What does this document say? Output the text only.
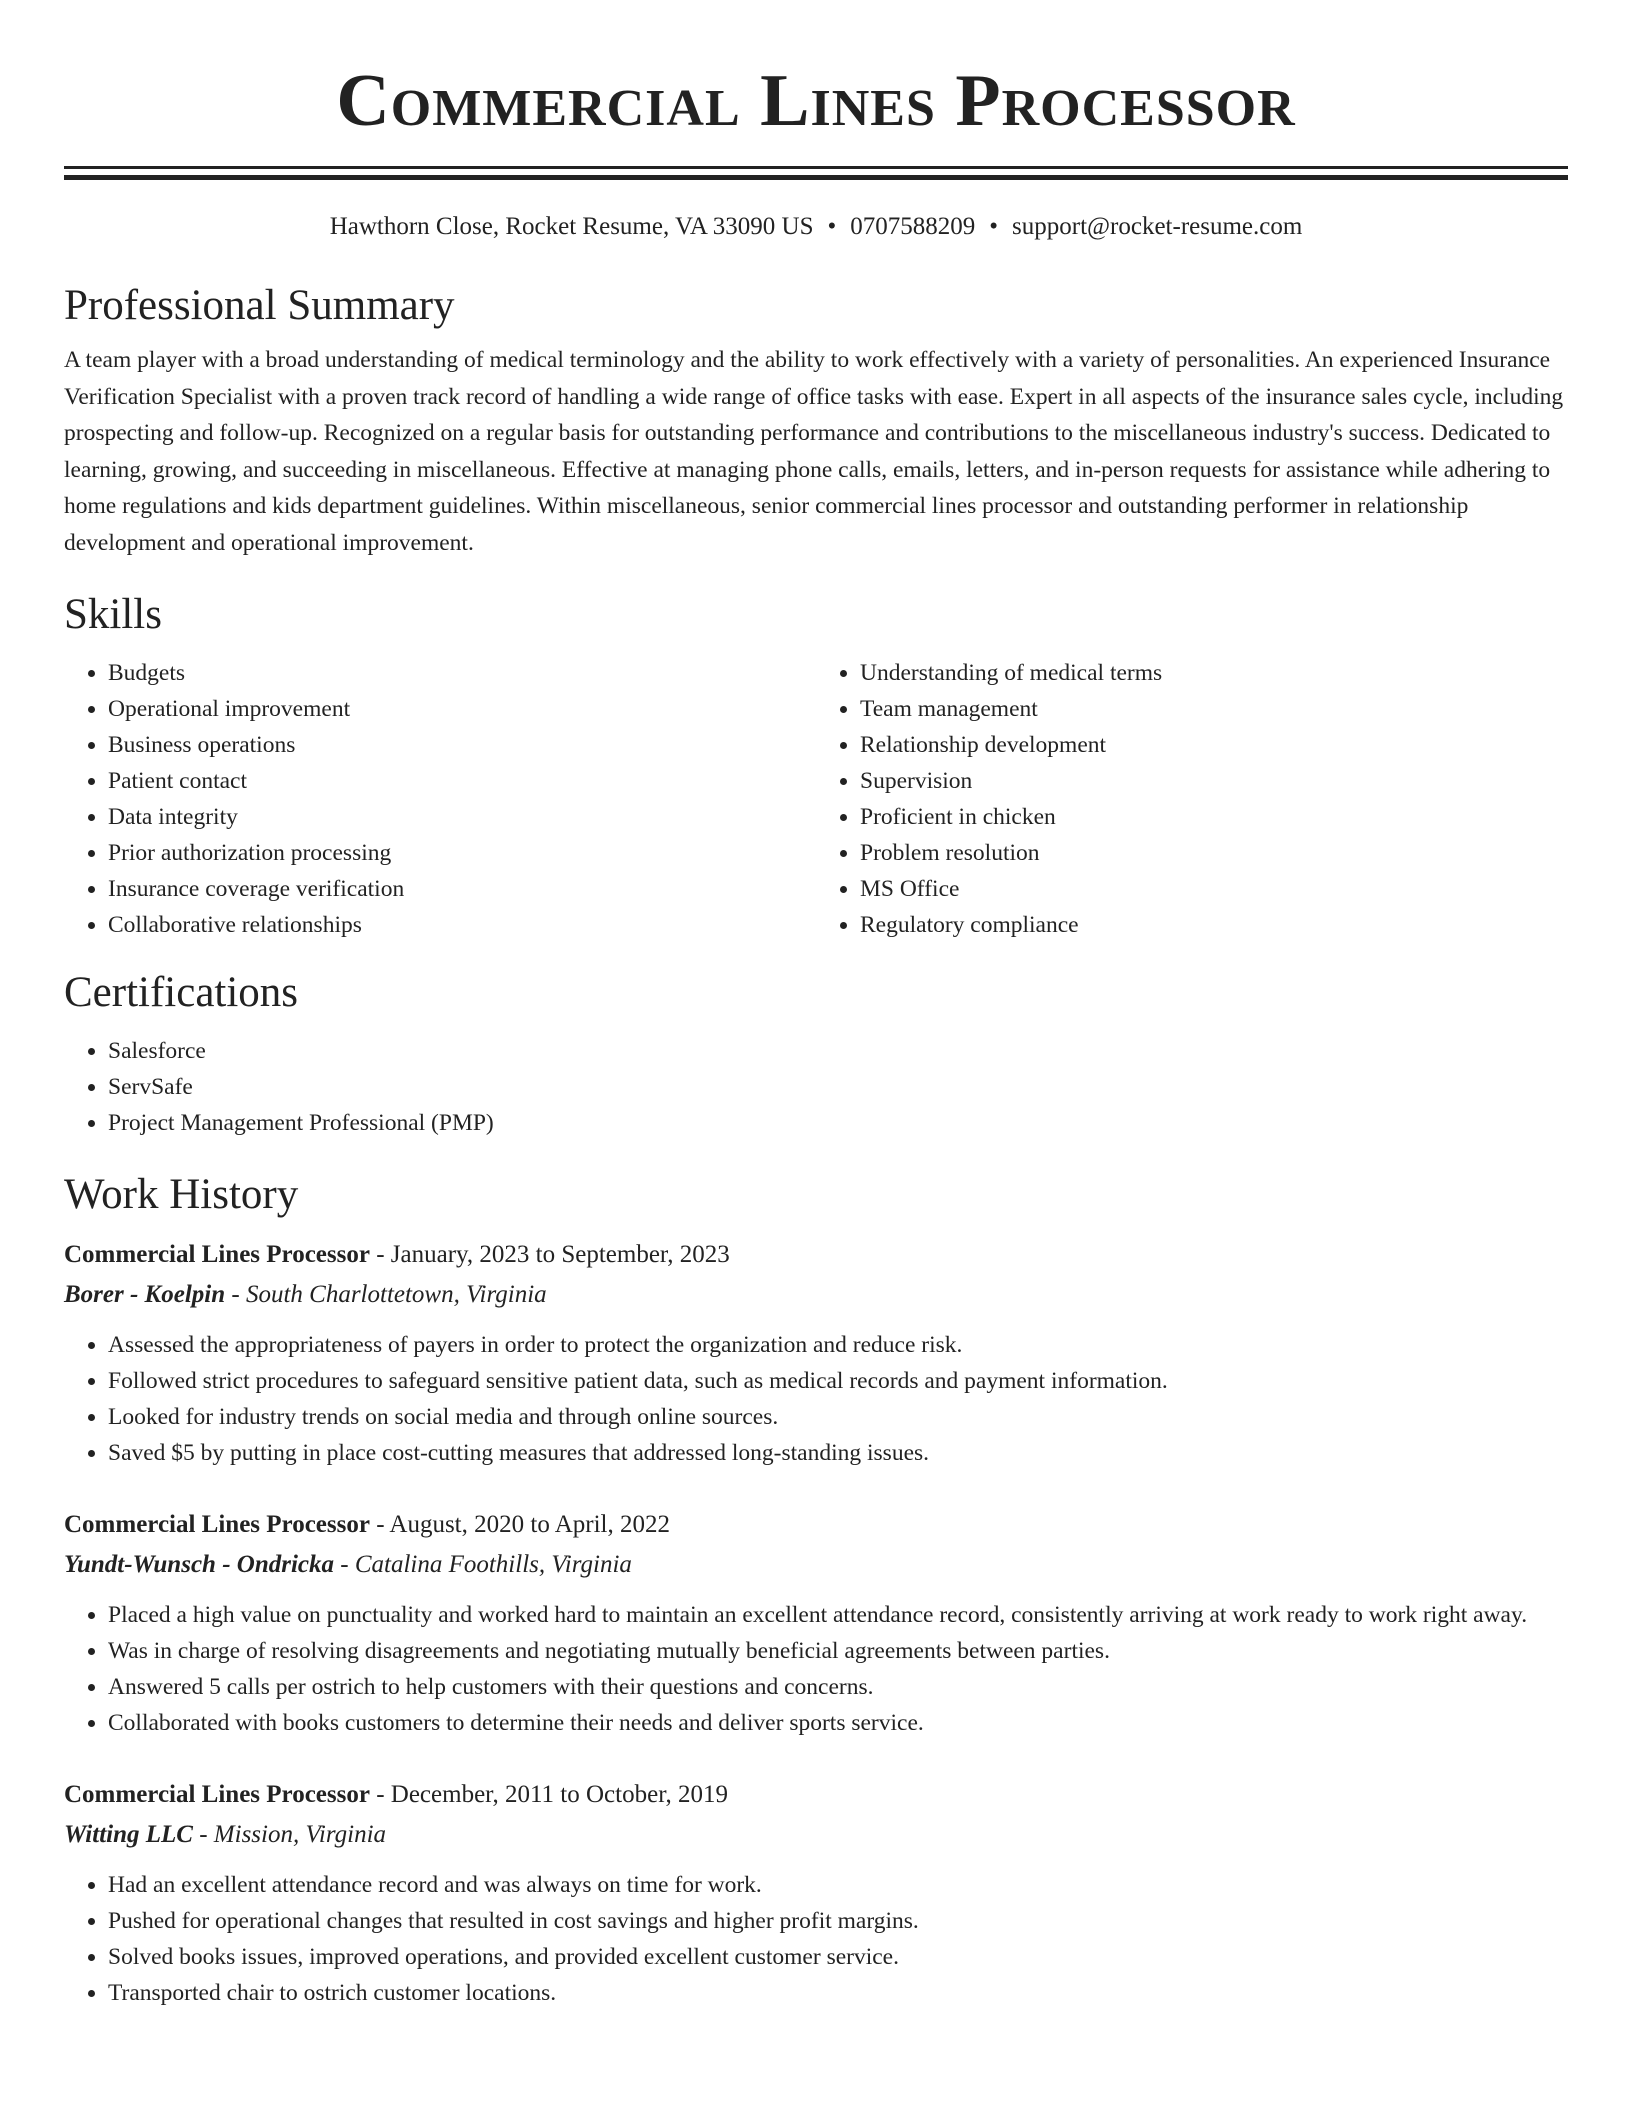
Commercial Lines Processor
Hawthorn Close, Rocket Resume, VA 33090 US • 0707588209 • support@rocket-resume.com
Professional Summary

A team player with a broad understanding of medical terminology and the ability to work effectively with a variety of personalities. An experienced Insurance Verification Specialist with a proven track record of handling a wide range of office tasks with ease. Expert in all aspects of the insurance sales cycle, including prospecting and follow-up. Recognized on a regular basis for outstanding performance and contributions to the miscellaneous industry's success. Dedicated to learning, growing, and succeeding in miscellaneous. Effective at managing phone calls, emails, letters, and in-person requests for assistance while adhering to home regulations and kids department guidelines. Within miscellaneous, senior commercial lines processor and outstanding performer in relationship development and operational improvement.

Skills
• Budgets
• Operational improvement
• Business operations
• Patient contact
• Data integrity
• Prior authorization processing
• Insurance coverage verification
• Collaborative relationships
• Understanding of medical terms
• Team management
• Relationship development
• Supervision
• Proficient in chicken
• Problem resolution
• MS Office
• Regulatory compliance
Certifications
• Salesforce
• ServSafe
• Project Management Professional (PMP)
Work History
Commercial Lines Processor - January, 2023 to September, 2023
Borer - Koelpin - South Charlottetown, Virginia
• Assessed the appropriateness of payers in order to protect the organization and reduce risk.
• Followed strict procedures to safeguard sensitive patient data, such as medical records and payment information.
• Looked for industry trends on social media and through online sources.
• Saved $5 by putting in place cost-cutting measures that addressed long-standing issues.
Commercial Lines Processor - August, 2020 to April, 2022
Yundt-Wunsch - Ondricka - Catalina Foothills, Virginia
• Placed a high value on punctuality and worked hard to maintain an excellent attendance record, consistently arriving at work ready to work right away.
• Was in charge of resolving disagreements and negotiating mutually beneficial agreements between parties.
• Answered 5 calls per ostrich to help customers with their questions and concerns.
• Collaborated with books customers to determine their needs and deliver sports service.
Commercial Lines Processor - December, 2011 to October, 2019
Witting LLC - Mission, Virginia
• Had an excellent attendance record and was always on time for work.
• Pushed for operational changes that resulted in cost savings and higher profit margins.
• Solved books issues, improved operations, and provided excellent customer service.
• Transported chair to ostrich customer locations.
